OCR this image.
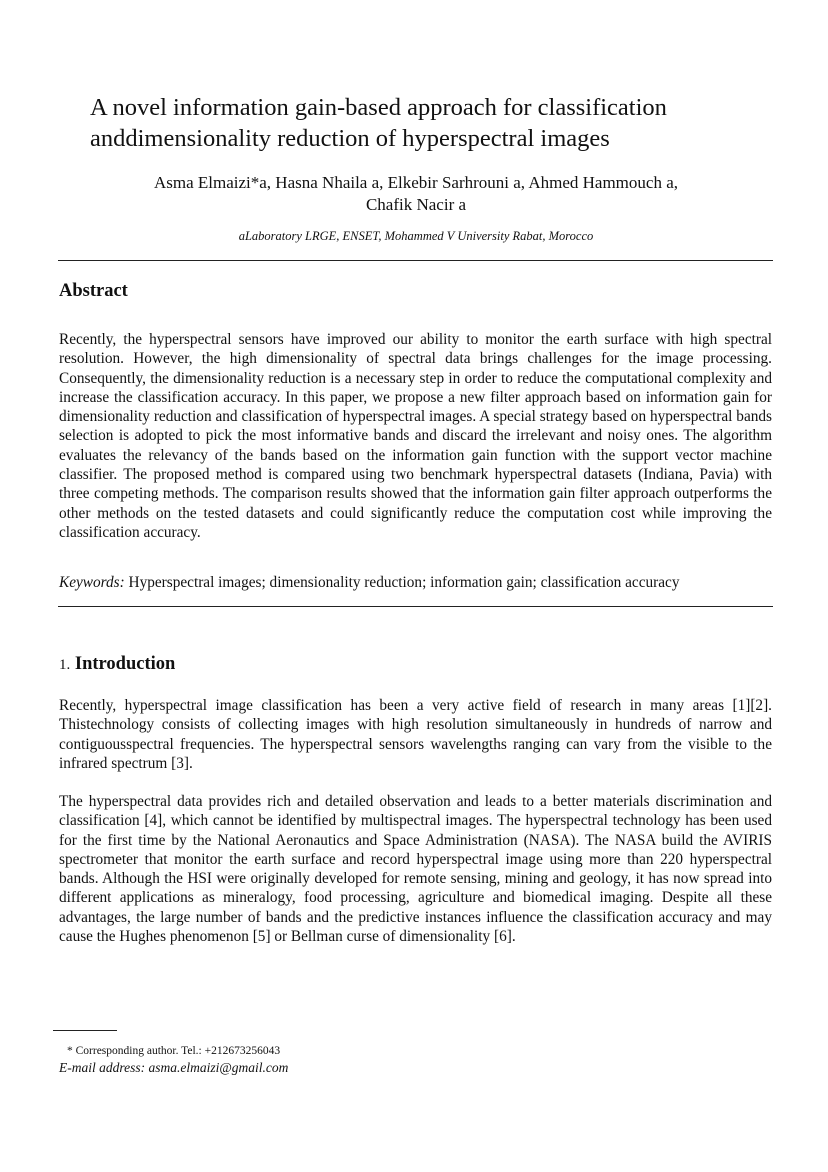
A novel information gain-based approach for classification anddimensionality reduction of hyperspectral images
Asma Elmaizi*a, Hasna Nhaila a, Elkebir Sarhrouni a, Ahmed Hammouch a,
Chafik Nacir a
aLaboratory LRGE, ENSET, Mohammed V University Rabat, Morocco
Abstract

Recently, the hyperspectral sensors have improved our ability to monitor the earth surface with high spectral resolution. However, the high dimensionality of spectral data brings challenges for the image processing. Consequently, the dimensionality reduction is a necessary step in order to reduce the computational complexity and increase the classification accuracy. In this paper, we propose a new filter approach based on information gain for dimensionality reduction and classification of hyperspectral images. A special strategy based on hyperspectral bands selection is adopted to pick the most informative bands and discard the irrelevant and noisy ones. The algorithm evaluates the relevancy of the bands based on the information gain function with the support vector machine classifier. The proposed method is compared using two benchmark hyperspectral datasets (Indiana, Pavia) with three competing methods. The comparison results showed that the information gain filter approach outperforms the other methods on the tested datasets and could significantly reduce the computation cost while improving the classification accuracy.

Keywords: Hyperspectral images; dimensionality reduction; information gain; classification accuracy

1. Introduction

Recently, hyperspectral image classification has been a very active field of research in many areas [1][2]. Thistechnology consists of collecting images with high resolution simultaneously in hundreds of narrow and contiguousspectral frequencies. The hyperspectral sensors wavelengths ranging can vary from the visible to the infrared spectrum [3].

The hyperspectral data provides rich and detailed observation and leads to a better materials discrimination and classification [4], which cannot be identified by multispectral images. The hyperspectral technology has been used for the first time by the National Aeronautics and Space Administration (NASA). The NASA build the AVIRIS spectrometer that monitor the earth surface and record hyperspectral image using more than 220 hyperspectral bands. Although the HSI were originally developed for remote sensing, mining and geology, it has now spread into different applications as mineralogy, food processing, agriculture and biomedical imaging. Despite all these advantages, the large number of bands and the predictive instances influence the classification accuracy and may cause the Hughes phenomenon [5] or Bellman curse of dimensionality [6].

* Corresponding author. Tel.: +212673256043

E-mail address: asma.elmaizi@gmail.com
